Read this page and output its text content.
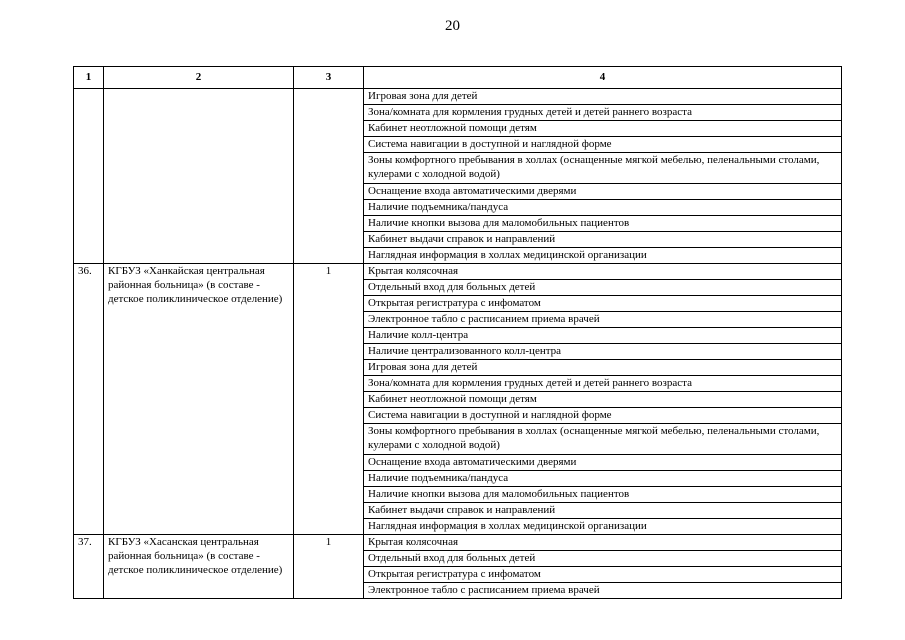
20
1	2	3	4
			Игровая зона для детей
			Зона/комната для кормления грудных детей и детей раннего возраста
			Кабинет неотложной помощи детям
			Система навигации в доступной и наглядной форме
			Зоны комфортного пребывания в холлах (оснащенные мягкой мебелью, пеленальными столами, кулерами с холодной водой)
			Оснащение входа автоматическими дверями
			Наличие подъемника/пандуса
			Наличие кнопки вызова для маломобильных пациентов
			Кабинет выдачи справок и направлений
			Наглядная информация в холлах медицинской организации
36.	КГБУЗ «Ханкайская центральная районная больница» (в составе - детское поликлиническое отделение)	1	Крытая колясочная
			Отдельный вход для больных детей
			Открытая регистратура с инфоматом
			Электронное табло с расписанием приема врачей
			Наличие колл-центра
			Наличие централизованного колл-центра
			Игровая зона для детей
			Зона/комната для кормления грудных детей и детей раннего возраста
			Кабинет неотложной помощи детям
			Система навигации в доступной и наглядной форме
			Зоны комфортного пребывания в холлах (оснащенные мягкой мебелью, пеленальными столами, кулерами с холодной водой)
			Оснащение входа автоматическими дверями
			Наличие подъемника/пандуса
			Наличие кнопки вызова для маломобильных пациентов
			Кабинет выдачи справок и направлений
			Наглядная информация в холлах медицинской организации
37.	КГБУЗ «Хасанская центральная районная больница» (в составе - детское поликлиническое отделение)	1	Крытая колясочная
			Отдельный вход для больных детей
			Открытая регистратура с инфоматом
			Электронное табло с расписанием приема врачей
